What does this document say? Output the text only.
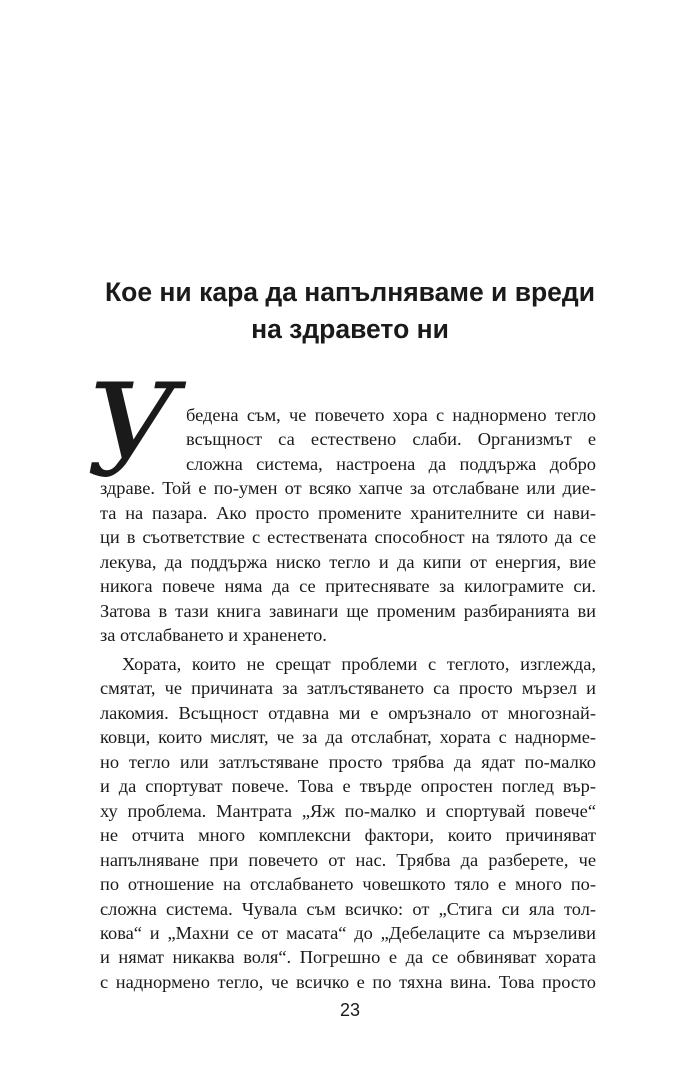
Кое ни кара да напълняваме и вреди
на здравето ни
У бедена съм, че повечето хора с наднормено тегло
всъщност са естествено слаби. Организмът е
сложна система, настроена да поддържа добро
здраве. Той е по-умен от всяко хапче за отслабване или дие-
та на пазара. Ако просто промените хранителните си нави-
ци в съответствие с естествената способност на тялото да се
лекува, да поддържа ниско тегло и да кипи от енергия, вие
никога повече няма да се притеснявате за килограмите си.
Затова в тази книга завинаги ще променим разбиранията ви
за отслабването и храненето.
Хората, които не срещат проблеми с теглото, изглежда,
смятат, че причината за затлъстяването са просто мързел и
лакомия. Всъщност отдавна ми е омръзнало от многознай-
ковци, които мислят, че за да отслабнат, хората с наднорме-
но тегло или затлъстяване просто трябва да ядат по-малко
и да спортуват повече. Това е твърде опростен поглед вър-
ху проблема. Мантрата „Яж по-малко и спортувай повече“
не отчита много комплексни фактори, които причиняват
напълняване при повечето от нас. Трябва да разберете, че
по отношение на отслабването човешкото тяло е много по-
сложна система. Чувала съм всичко: от „Стига си яла тол-
кова“ и „Махни се от масата“ до „Дебелаците са мързеливи
и нямат никаква воля“. Погрешно е да се обвиняват хората
с наднормено тегло, че всичко е по тяхна вина. Това просто
23
